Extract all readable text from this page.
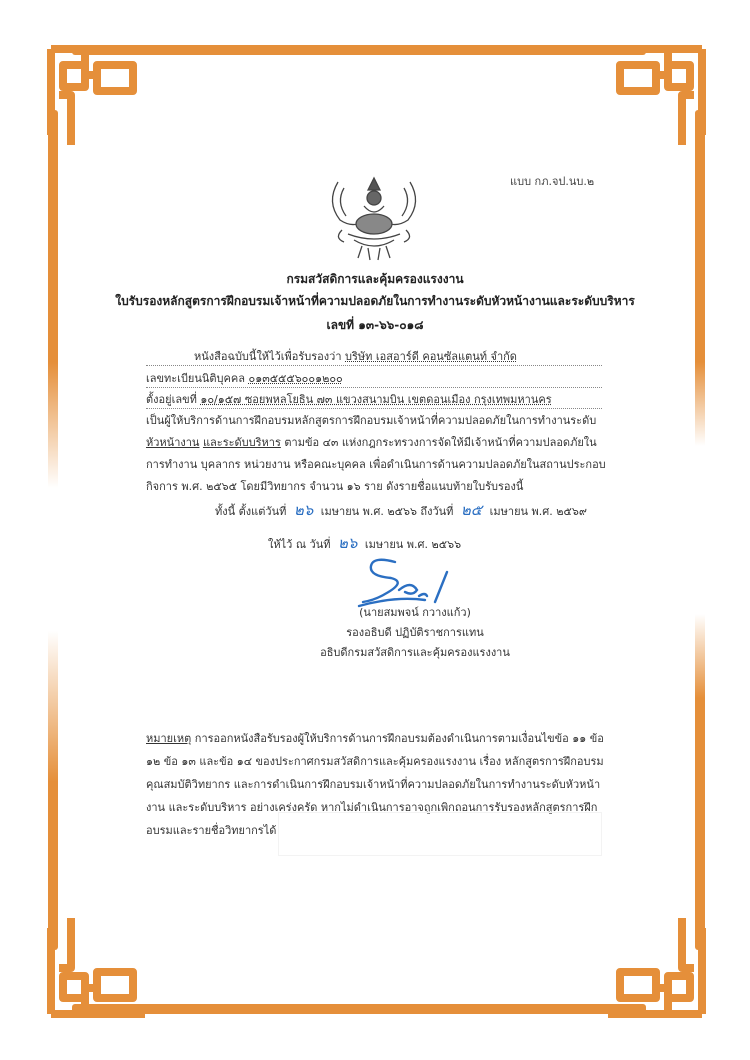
แบบ กภ.จป.นบ.๒
กรมสวัสดิการและคุ้มครองแรงงาน
ใบรับรองหลักสูตรการฝึกอบรมเจ้าหน้าที่ความปลอดภัยในการทำงานระดับหัวหน้างานและระดับบริหาร
เลขที่ ๑๓-๖๖-๐๑๘
หนังสือฉบับนี้ให้ไว้เพื่อรับรองว่า บริษัท เอสอาร์ดี คอนซัลแตนท์ จำกัด
เลขทะเบียนนิติบุคคล ๐๑๓๕๕๕๖๐๐๑๒๐๐
ตั้งอยู่เลขที่ ๑๐/๑๕๗ ซอยพหลโยธิน ๗๓ แขวงสนามบิน เขตดอนเมือง กรุงเทพมหานคร
เป็นผู้ให้บริการด้านการฝึกอบรมหลักสูตรการฝึกอบรมเจ้าหน้าที่ความปลอดภัยในการทำงานระดับหัวหน้างาน และระดับบริหาร ตามข้อ ๔๓ แห่งกฎกระทรวงการจัดให้มีเจ้าหน้าที่ความปลอดภัยในการทำงาน บุคลากร หน่วยงาน หรือคณะบุคคล เพื่อดำเนินการด้านความปลอดภัยในสถานประกอบกิจการ พ.ศ. ๒๕๖๕ โดยมีวิทยากร จำนวน ๑๖ ราย ดังรายชื่อแนบท้ายใบรับรองนี้
ทั้งนี้ ตั้งแต่วันที่ ๒๖ เมษายน พ.ศ. ๒๕๖๖ ถึงวันที่ ๒๕ เมษายน พ.ศ. ๒๕๖๙
ให้ไว้ ณ วันที่ ๒๖ เมษายน พ.ศ. ๒๕๖๖
(นายสมพจน์ กวางแก้ว)
รองอธิบดี ปฏิบัติราชการแทน
อธิบดีกรมสวัสดิการและคุ้มครองแรงงาน
หมายเหตุ การออกหนังสือรับรองผู้ให้บริการด้านการฝึกอบรมต้องดำเนินการตามเงื่อนไขข้อ ๑๑ ข้อ ๑๒ ข้อ ๑๓ และข้อ ๑๔ ของประกาศกรมสวัสดิการและคุ้มครองแรงงาน เรื่อง หลักสูตรการฝึกอบรม คุณสมบัติวิทยากร และการดำเนินการฝึกอบรมเจ้าหน้าที่ความปลอดภัยในการทำงานระดับหัวหน้างาน และระดับบริหาร อย่างเคร่งครัด หากไม่ดำเนินการอาจถูกเพิกถอนการรับรองหลักสูตรการฝึกอบรมและรายชื่อวิทยากรได้
